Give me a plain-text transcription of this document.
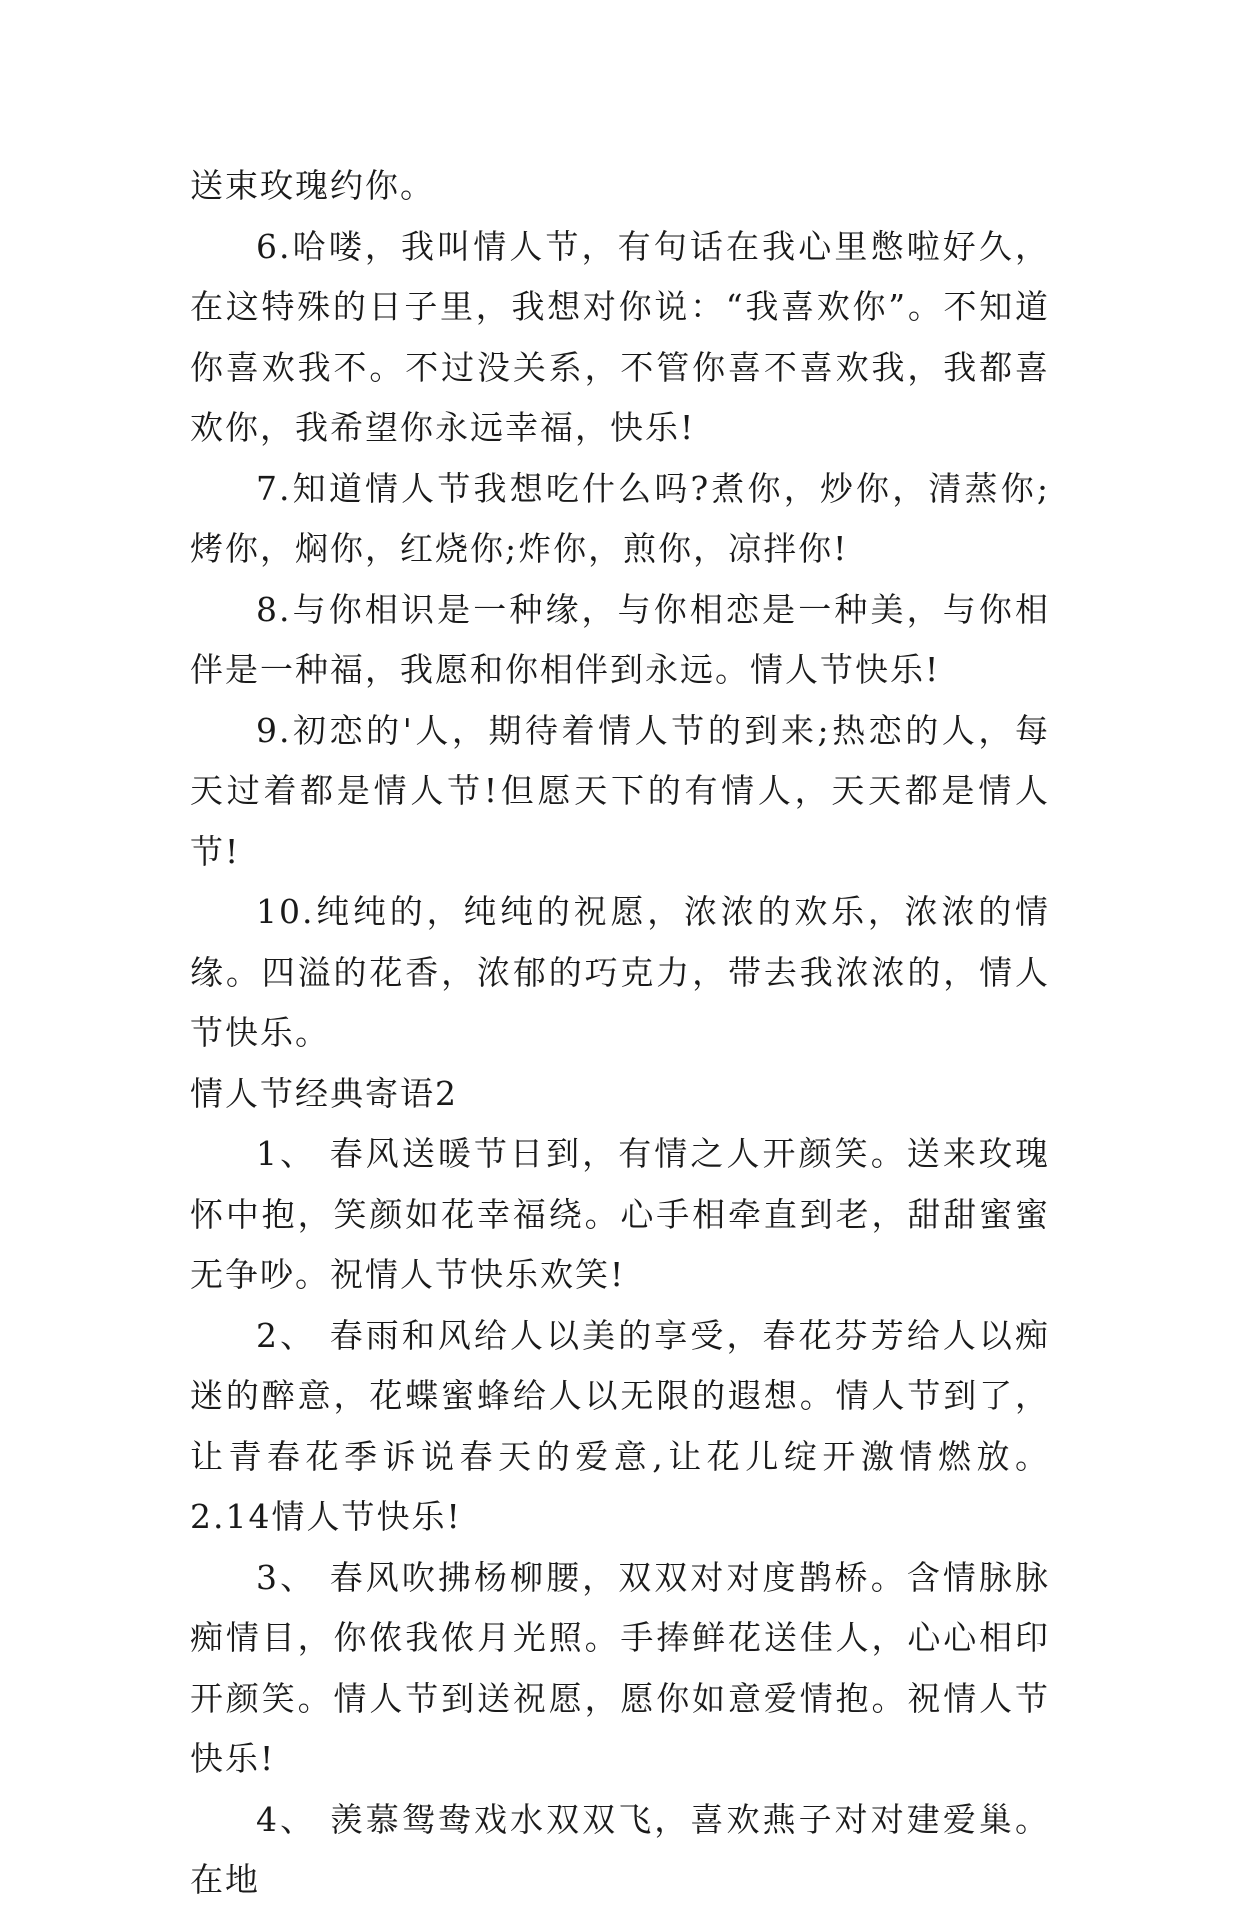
送束玫瑰约你。

6.哈喽，我叫情人节，有句话在我心里憋啦好久，在这特殊的日子里，我想对你说：“我喜欢你”。不知道你喜欢我不。不过没关系，不管你喜不喜欢我，我都喜欢你，我希望你永远幸福，快乐!

7.知道情人节我想吃什么吗?煮你，炒你，清蒸你;烤你，焖你，红烧你;炸你，煎你，凉拌你!

8.与你相识是一种缘，与你相恋是一种美，与你相伴是一种福，我愿和你相伴到永远。情人节快乐!

9.初恋的'人，期待着情人节的到来;热恋的人，每天过着都是情人节!但愿天下的有情人，天天都是情人节!

10.纯纯的，纯纯的祝愿，浓浓的欢乐，浓浓的情缘。四溢的花香，浓郁的巧克力，带去我浓浓的，情人节快乐。

情人节经典寄语2

1、 春风送暖节日到，有情之人开颜笑。送来玫瑰怀中抱，笑颜如花幸福绕。心手相牵直到老，甜甜蜜蜜无争吵。祝情人节快乐欢笑!

2、 春雨和风给人以美的享受，春花芬芳给人以痴迷的醉意，花蝶蜜蜂给人以无限的遐想。情人节到了，让青春花季诉说春天的爱意,让花儿绽开激情燃放。2.14情人节快乐!

3、 春风吹拂杨柳腰，双双对对度鹊桥。含情脉脉痴情目，你侬我侬月光照。手捧鲜花送佳人，心心相印开颜笑。情人节到送祝愿，愿你如意爱情抱。祝情人节快乐!

4、 羡慕鸳鸯戏水双双飞，喜欢燕子对对建爱巢。在地
